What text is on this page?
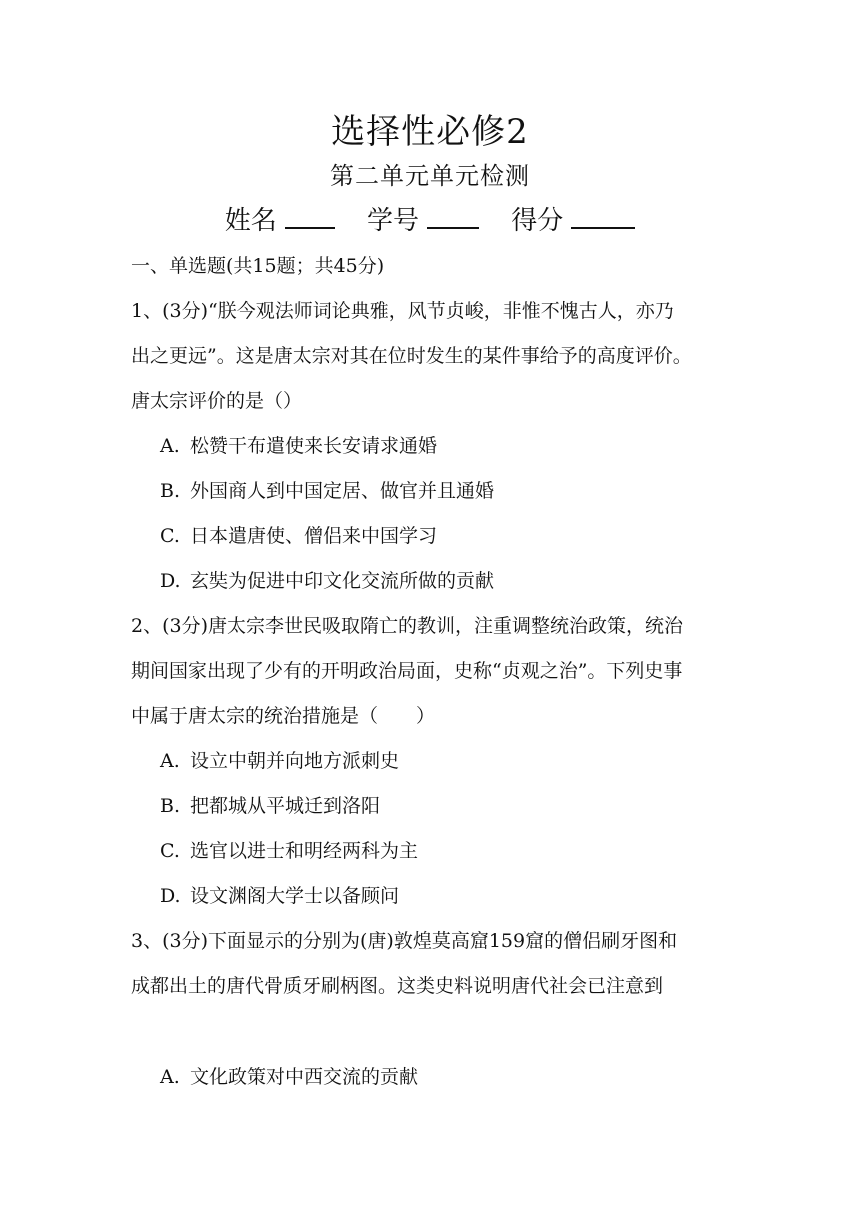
选择性必修2
第二单元单元检测
姓名	学号	得分
一、单选题(共15题；共45分)
1、(3分)“朕今观法师词论典雅，风节贞峻，非惟不愧古人，亦乃
出之更远”。这是唐太宗对其在位时发生的某件事给予的高度评价。
唐太宗评价的是（）
A. 松赞干布遣使来长安请求通婚
B. 外国商人到中国定居、做官并且通婚
C. 日本遣唐使、僧侣来中国学习
D. 玄奘为促进中印文化交流所做的贡献
2、(3分)唐太宗李世民吸取隋亡的教训，注重调整统治政策，统治
期间国家出现了少有的开明政治局面，史称“贞观之治”。下列史事
中属于唐太宗的统治措施是（　　）
A. 设立中朝并向地方派刺史
B. 把都城从平城迁到洛阳
C. 选官以进士和明经两科为主
D. 设文渊阁大学士以备顾问
3、(3分)下面显示的分别为(唐)敦煌莫高窟159窟的僧侣刷牙图和
成都出土的唐代骨质牙刷柄图。这类史料说明唐代社会已注意到
A. 文化政策对中西交流的贡献
